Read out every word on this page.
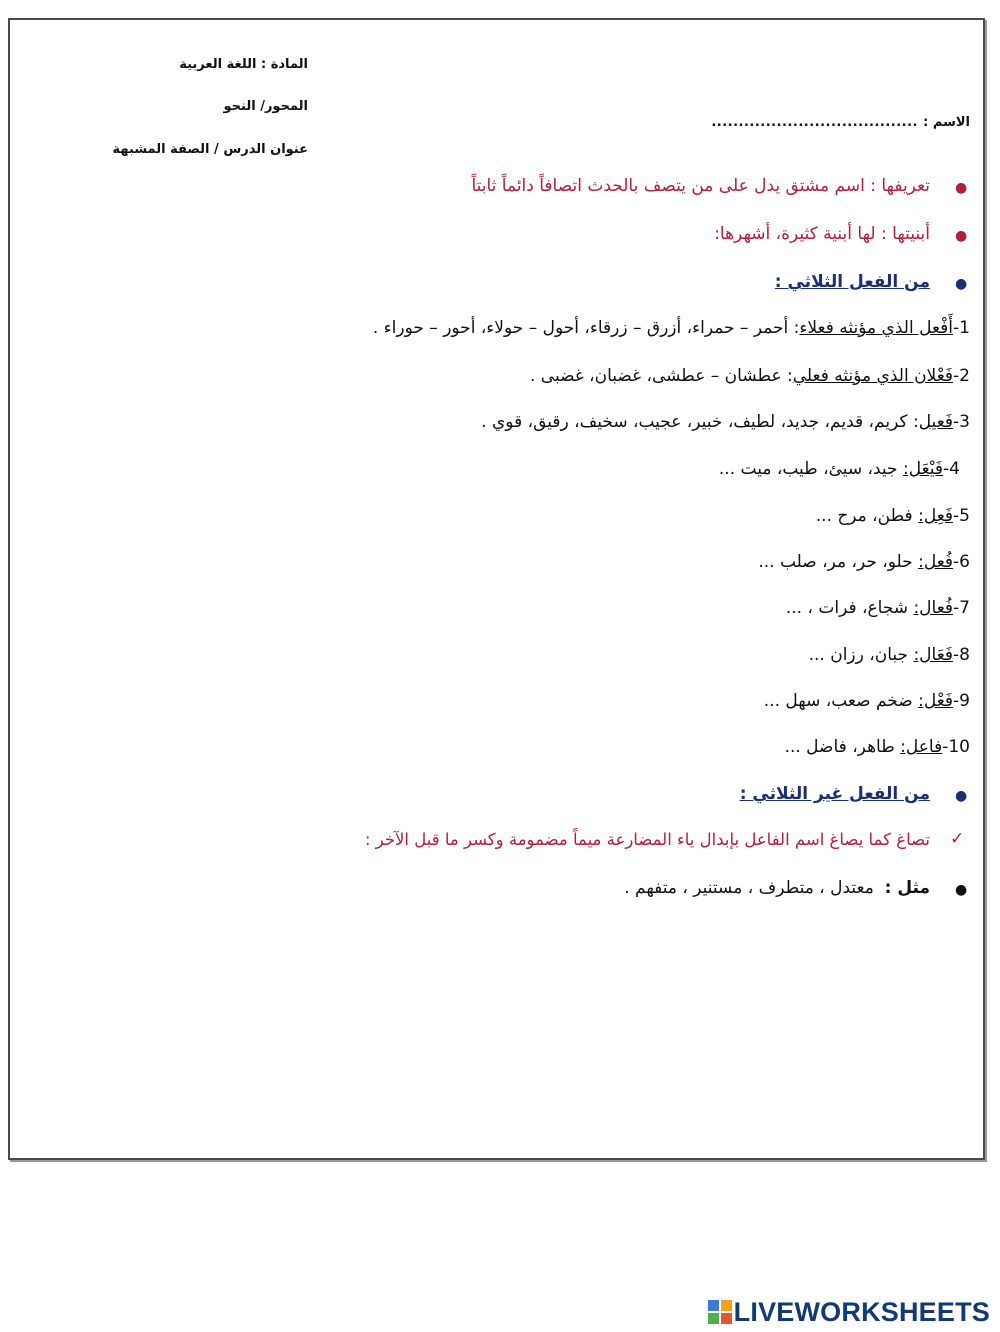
المادة : اللغة العربية
المحور/ النحو
عنوان الدرس / الصفة المشبهة
الاسم :
......................................
●
تعريفها : اسم مشتق يدل على من يتصف بالحدث اتصافاً دائماً ثابتاً
●
أبنيتها : لها أبنية كثيرة، أشهرها:
●
من الفعل الثلاثي :
1-أَفْعل الذي مؤنثه فعلاء: أحمر – حمراء، أزرق – زرقاء، أحول – حولاء، أحور – حوراء .
2-فَعْلان الذي مؤنثه فعلي: عطشان – عطشى، غضبان، غضبى .
3-فَعيل: كريم، قديم، جديد، لطيف، خبير، عجيب، سخيف، رقيق، قوي .
4-فَيْعَل: جيد، سيئ، طيب، ميت ...
5-فَعِل: فطن، مرح ...
6-فُعل: حلو، حر، مر، صلب ...
7-فُعال: شجاع، فرات ، ...
8-فَعَال: جبان، رزان ...
9-فَعْل: ضخم صعب، سهل ...
10-فاعل: طاهر، فاضل ...
●
من الفعل غير الثلاثي :
✓
تصاغ كما يصاغ اسم الفاعل بإبدال ياء المضارعة ميماً مضمومة وكسر ما قبل الآخر :
●
مثل :  معتدل ، متطرف ، مستنير ، متفهم .
LIVEWORKSHEETS
